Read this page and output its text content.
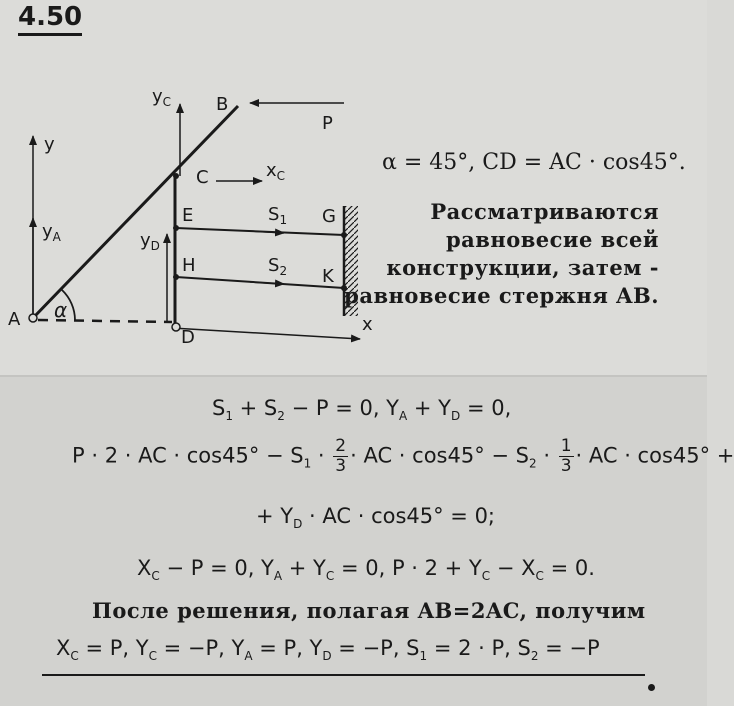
4.50
A
B
C
D
E	G
H
K
α
$y_C$
$x_C$
y
$y_A$	$y_D$
$S_1$
$S_2$
P
x
α = 45°, CD = AC · cos45°.
Рассматриваются
равновесие всей
конструкции, затем -
равновесие стержня AB.
$S_1 + S_2 - P = 0$, $Y_A + Y_D = 0$,
P · 2 · AC · $\cos 45^\circ - S_1 \cdot \frac{2}{3}$ · AC · $\cos 45^\circ - S_2 \cdot \frac{1}{3}$ · AC · cos45° +
+ $Y_D$ · AC · cos45° = 0;
$X_C - P = 0$, $Y_A + Y_C = 0$, $P \cdot 2 + Y_C - X_C = 0$.
После решения, полагая AB=2AC, получим
$X_C = P$, $Y_C = -P$, $Y_A = P$, $Y_D = -P$, $S_1 = 2 \cdot P$, $S_2 = -P$
